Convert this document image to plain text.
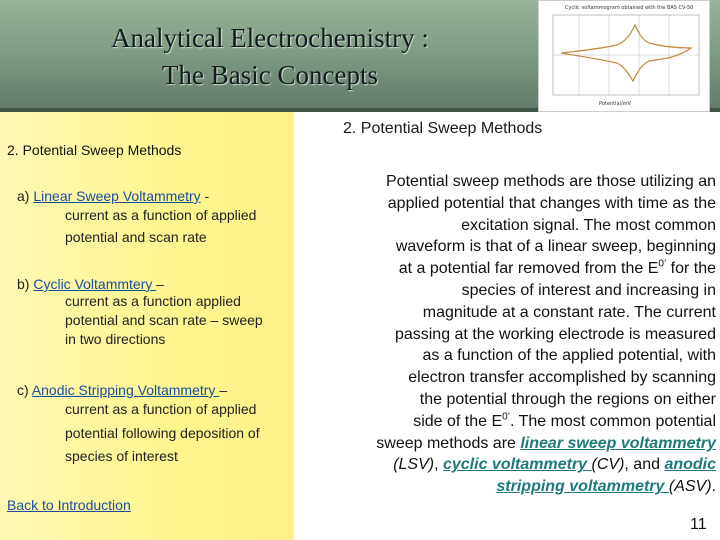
Analytical Electrochemistry :
The Basic Concepts
Cyclic voltammogram obtained with the BAS CV-50
Potential/mV
2. Potential Sweep Methods
a) Linear Sweep Voltammetry -
current as a function of applied potential and scan rate
b) Cyclic Voltammtery –
current as a function applied potential and scan rate – sweep in two directions
c) Anodic Stripping Voltammetry –
current as a function of applied potential following deposition of species of interest
Back to Introduction
2. Potential Sweep Methods

Potential sweep methods are those utilizing an
applied potential that changes with time as the
excitation signal. The most common
waveform is that of a linear sweep, beginning
at a potential far removed from the $E^{0’}$ for the
species of interest and increasing in
magnitude at a constant rate. The current
passing at the working electrode is measured
as a function of the applied potential, with
electron transfer accomplished by scanning
the potential through the regions on either
side of the $E^{0’}$. The most common potential
sweep methods are linear sweep voltammetry
(LSV), cyclic voltammetry (CV), and anodic
stripping voltammetry (ASV).

11
